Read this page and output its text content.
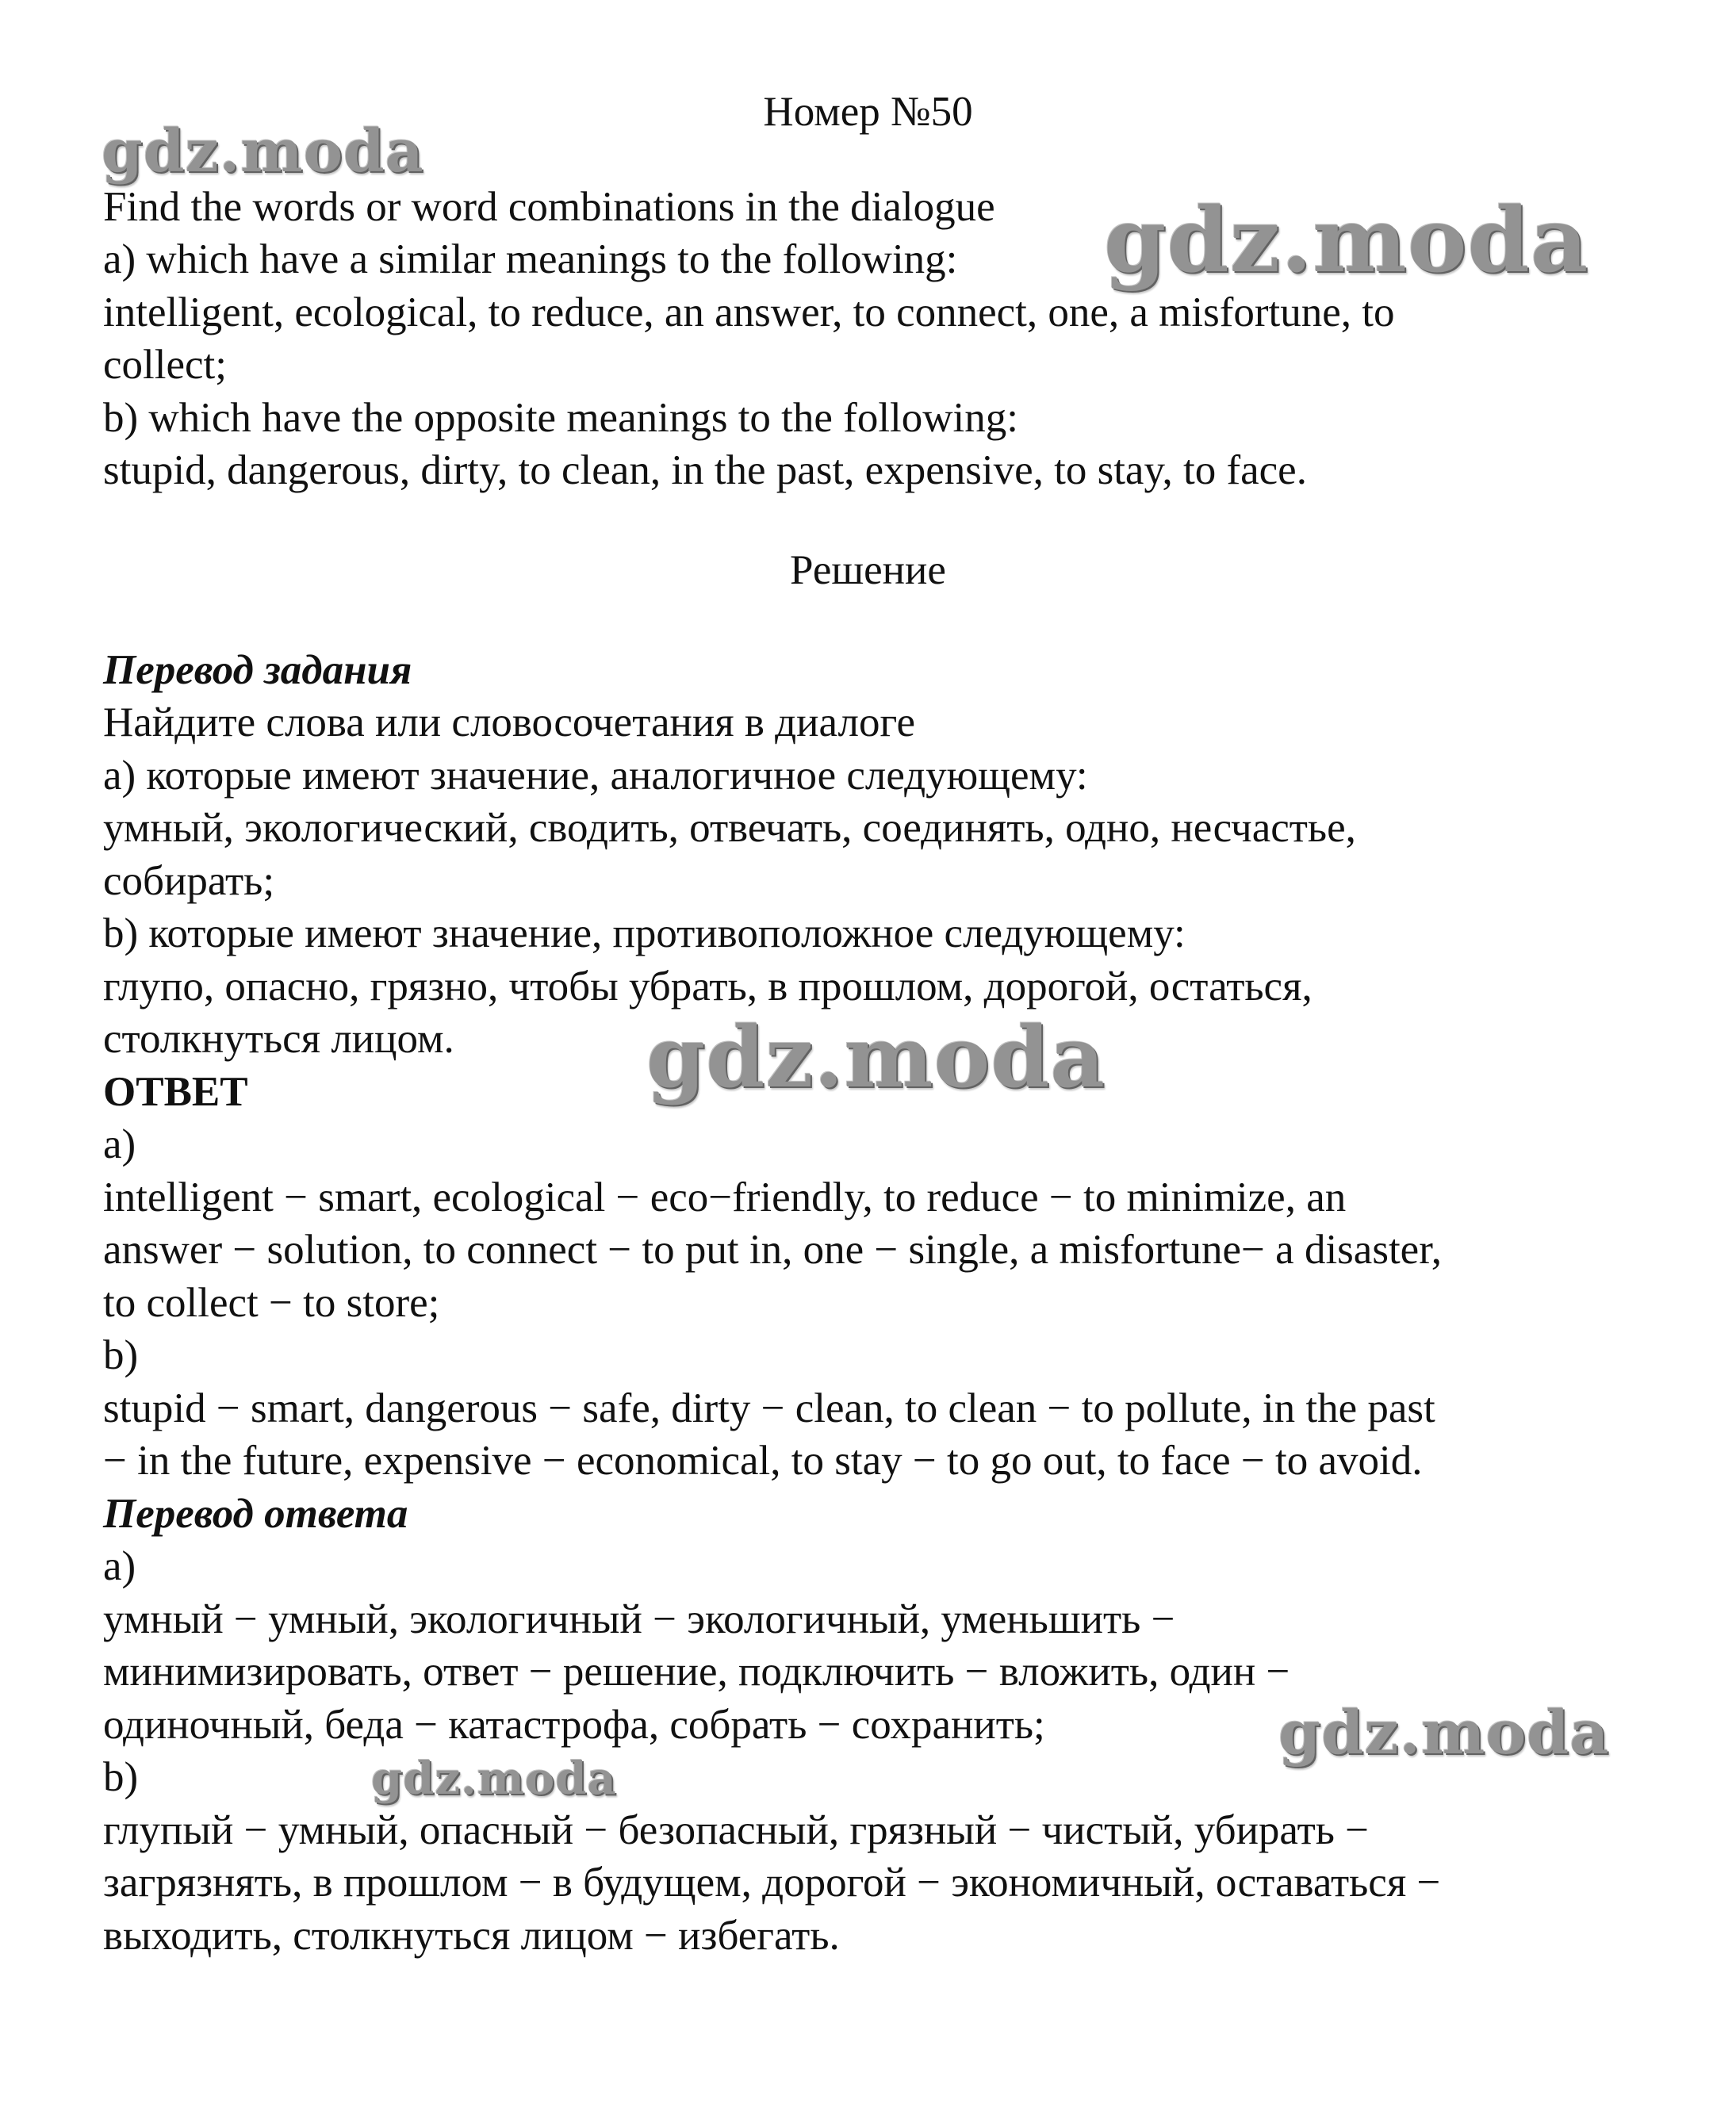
Номер №50
Find the words or word combinations in the dialogue
a) which have a similar meanings to the following:
intelligent, ecological, to reduce, an answer, to connect, one, a misfortune, to
collect;
b) which have the opposite meanings to the following:
stupid, dangerous, dirty, to clean, in the past, expensive, to stay, to face.
Решение
Перевод задания
Найдите слова или словосочетания в диалоге
а) которые имеют значение, аналогичное следующему:
умный, экологический, сводить, отвечать, соединять, одно, несчастье,
собирать;
b) которые имеют значение, противоположное следующему:
глупо, опасно, грязно, чтобы убрать, в прошлом, дорогой, остаться,
столкнуться лицом.
ОТВЕТ
a)
intelligent − smart, ecological − eco−friendly, to reduce − to minimize, an
answer − solution, to connect − to put in, one − single, a misfortune− a disaster,
to collect − to store;
b)
stupid − smart, dangerous − safe, dirty − clean, to clean − to pollute, in the past
− in the future, expensive − economical, to stay − to go out, to face − to avoid.
Перевод ответа
a)
умный − умный, экологичный − экологичный, уменьшить −
минимизировать, ответ − решение, подключить − вложить, один −
одиночный, беда − катастрофа, собрать − сохранить;
b)
глупый − умный, опасный − безопасный, грязный − чистый, убирать −
загрязнять, в прошлом − в будущем, дорогой − экономичный, оставаться −
выходить, столкнуться лицом − избегать.
gdz.moda
gdz.moda
gdz.moda
gdz.moda
gdz.moda
